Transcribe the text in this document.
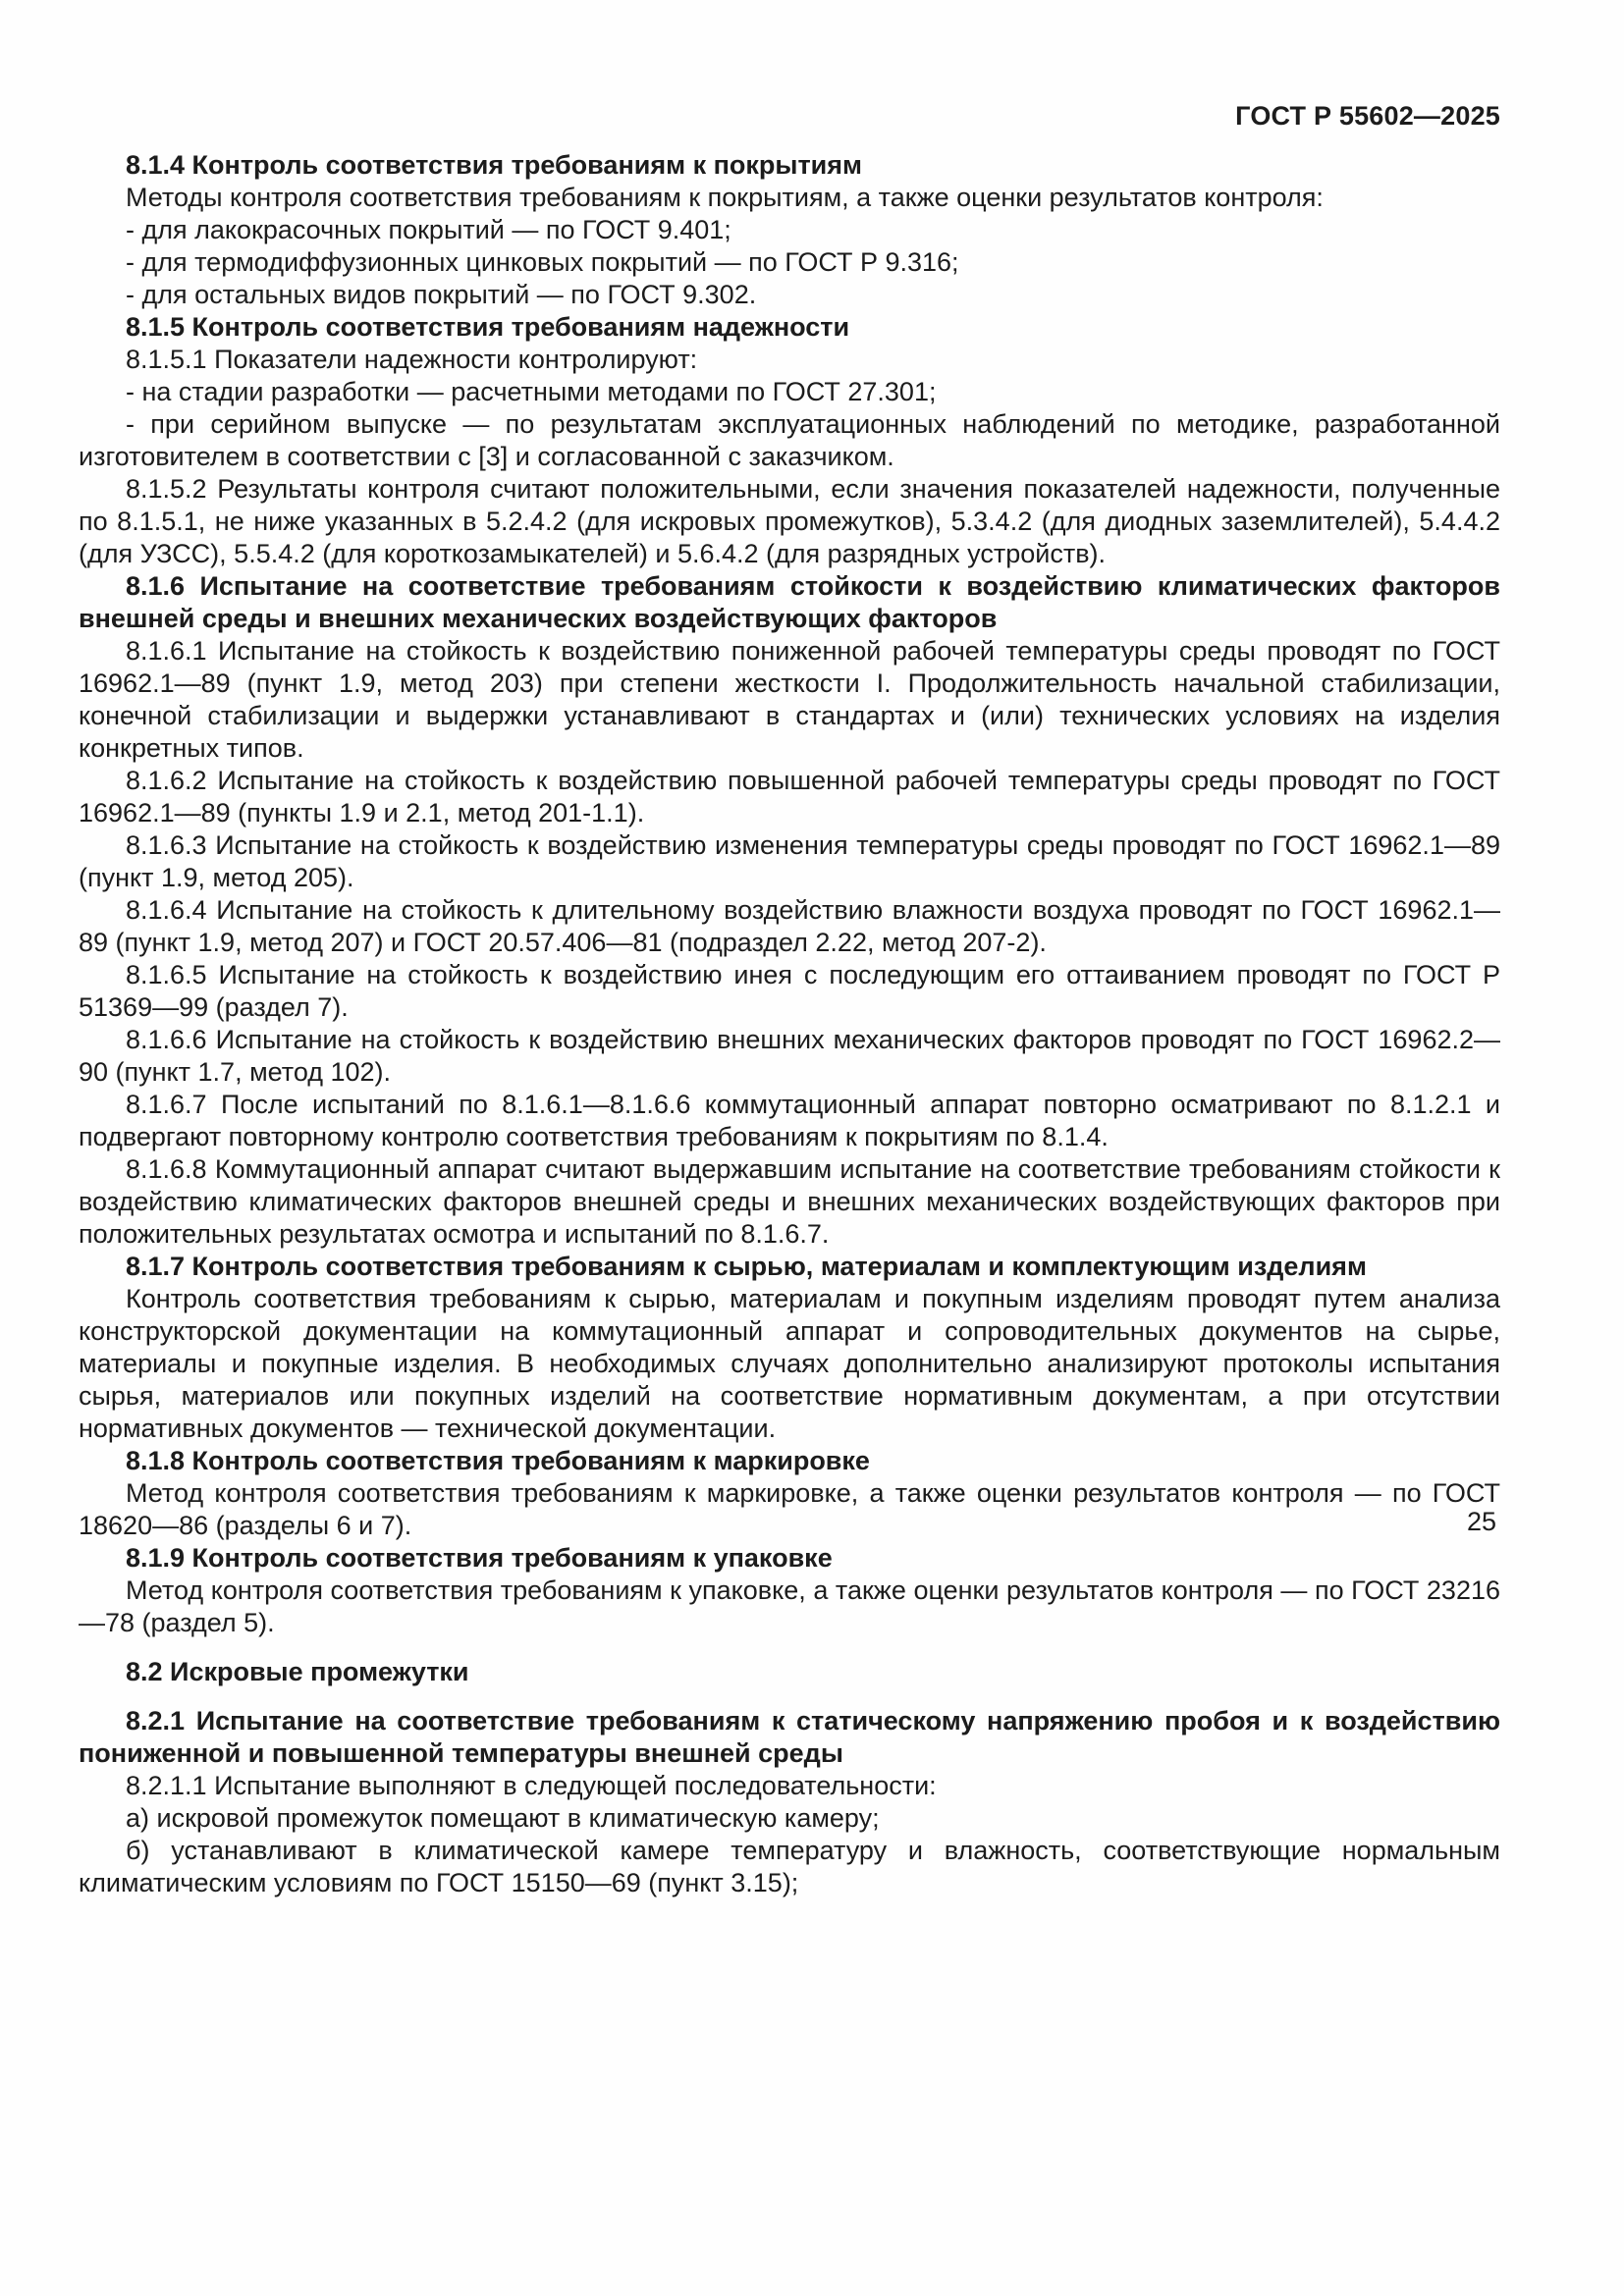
ГОСТ Р 55602—2025

8.1.4 Контроль соответствия требованиям к покрытиям

Методы контроля соответствия требованиям к покрытиям, а также оценки результатов контроля:

- для лакокрасочных покрытий — по ГОСТ 9.401;

- для термодиффузионных цинковых покрытий — по ГОСТ Р 9.316;

- для остальных видов покрытий — по ГОСТ 9.302.

8.1.5 Контроль соответствия требованиям надежности

8.1.5.1 Показатели надежности контролируют:

- на стадии разработки — расчетными методами по ГОСТ 27.301;

- при серийном выпуске — по результатам эксплуатационных наблюдений по методике, разработанной изготовителем в соответствии с [3] и согласованной с заказчиком.

8.1.5.2 Результаты контроля считают положительными, если значения показателей надежности, полученные по 8.1.5.1, не ниже указанных в 5.2.4.2 (для искровых промежутков), 5.3.4.2 (для диодных заземлителей), 5.4.4.2 (для УЗСС), 5.5.4.2 (для короткозамыкателей) и 5.6.4.2 (для разрядных устройств).

8.1.6 Испытание на соответствие требованиям стойкости к воздействию климатических факторов внешней среды и внешних механических воздействующих факторов

8.1.6.1 Испытание на стойкость к воздействию пониженной рабочей температуры среды проводят по ГОСТ 16962.1—89 (пункт 1.9, метод 203) при степени жесткости I. Продолжительность начальной стабилизации, конечной стабилизации и выдержки устанавливают в стандартах и (или) технических условиях на изделия конкретных типов.

8.1.6.2 Испытание на стойкость к воздействию повышенной рабочей температуры среды проводят по ГОСТ 16962.1—89 (пункты 1.9 и 2.1, метод 201-1.1).

8.1.6.3 Испытание на стойкость к воздействию изменения температуры среды проводят по ГОСТ 16962.1—89 (пункт 1.9, метод 205).

8.1.6.4 Испытание на стойкость к длительному воздействию влажности воздуха проводят по ГОСТ 16962.1—89 (пункт 1.9, метод 207) и ГОСТ 20.57.406—81 (подраздел 2.22, метод 207-2).

8.1.6.5 Испытание на стойкость к воздействию инея с последующим его оттаиванием проводят по ГОСТ Р 51369—99 (раздел 7).

8.1.6.6 Испытание на стойкость к воздействию внешних механических факторов проводят по ГОСТ 16962.2—90 (пункт 1.7, метод 102).

8.1.6.7 После испытаний по 8.1.6.1—8.1.6.6 коммутационный аппарат повторно осматривают по 8.1.2.1 и подвергают повторному контролю соответствия требованиям к покрытиям по 8.1.4.

8.1.6.8 Коммутационный аппарат считают выдержавшим испытание на соответствие требованиям стойкости к воздействию климатических факторов внешней среды и внешних механических воздействующих факторов при положительных результатах осмотра и испытаний по 8.1.6.7.

8.1.7 Контроль соответствия требованиям к сырью, материалам и комплектующим изделиям

Контроль соответствия требованиям к сырью, материалам и покупным изделиям проводят путем анализа конструкторской документации на коммутационный аппарат и сопроводительных документов на сырье, материалы и покупные изделия. В необходимых случаях дополнительно анализируют протоколы испытания сырья, материалов или покупных изделий на соответствие нормативным документам, а при отсутствии нормативных документов — технической документации.

8.1.8 Контроль соответствия требованиям к маркировке

Метод контроля соответствия требованиям к маркировке, а также оценки результатов контроля — по ГОСТ 18620—86 (разделы 6 и 7).

8.1.9 Контроль соответствия требованиям к упаковке

Метод контроля соответствия требованиям к упаковке, а также оценки результатов контроля — по ГОСТ 23216—78 (раздел 5).

8.2 Искровые промежутки

8.2.1 Испытание на соответствие требованиям к статическому напряжению пробоя и к воздействию пониженной и повышенной температуры внешней среды

8.2.1.1 Испытание выполняют в следующей последовательности:

а) искровой промежуток помещают в климатическую камеру;

б) устанавливают в климатической камере температуру и влажность, соответствующие нормальным климатическим условиям по ГОСТ 15150—69 (пункт 3.15);

25
